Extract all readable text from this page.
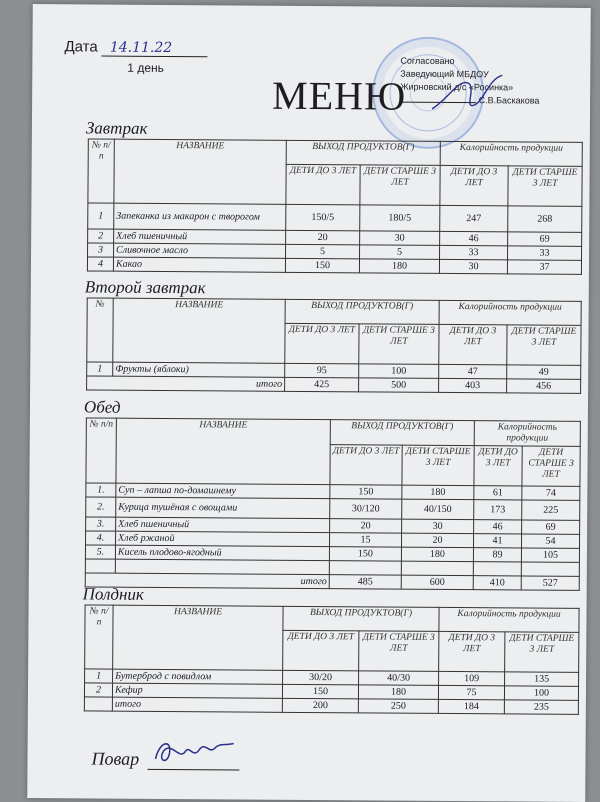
Дата 14.11.22
1 день
МЕНЮ
Согласовано
Заведующий МБДОУ
Жирновский д/с «Росинка»
С.В.Баскакова
Завтрак
№ п/п	НАЗВАНИЕ	ВЫХОД ПРОДУКТОВ(Г)		Калорийность продукции	
		ДЕТИ ДО 3 ЛЕТ	ДЕТИ СТАРШЕ 3 ЛЕТ	ДЕТИ ДО 3 ЛЕТ	ДЕТИ СТАРШЕ 3 ЛЕТ
1	Запеканка из макарон с творогом	150/5	180/5	247	268
2	Хлеб пшеничный	20	30	46	69
3	Сливочное масло	5	5	33	33
4	Какао	150	180	30	37
Второй завтрак
№	НАЗВАНИЕ	ВЫХОД ПРОДУКТОВ(Г)		Калорийность продукции	
		ДЕТИ ДО 3 ЛЕТ	ДЕТИ СТАРШЕ 3 ЛЕТ	ДЕТИ ДО 3 ЛЕТ	ДЕТИ СТАРШЕ 3 ЛЕТ
1	Фрукты (яблоки)	95	100	47	49
итого		425	500	403	456
Обед
№ п/п	НАЗВАНИЕ	ВЫХОД ПРОДУКТОВ(Г)		Калорийность продукции	
		ДЕТИ ДО 3 ЛЕТ	ДЕТИ СТАРШЕ 3 ЛЕТ	ДЕТИ ДО 3 ЛЕТ	ДЕТИ СТАРШЕ 3 ЛЕТ
1.	Суп – лапша по-домашнему	150	180	61	74
2.	Курица тушёная с овощами	30/120	40/150	173	225
3.	Хлеб пшеничный	20	30	46	69
4.	Хлеб ржаной	15	20	41	54
5.	Кисель плодово-ягодный	150	180	89	105

итого		485	600	410	527
Полдник
№ п/п	НАЗВАНИЕ	ВЫХОД ПРОДУКТОВ(Г)		Калорийность продукции	
		ДЕТИ ДО 3 ЛЕТ	ДЕТИ СТАРШЕ 3 ЛЕТ	ДЕТИ ДО 3 ЛЕТ	ДЕТИ СТАРШЕ 3 ЛЕТ
1	Бутерброд с повидлом	30/20	40/30	109	135
2	Кефир	150	180	75	100
	итого	200	250	184	235
Повар
